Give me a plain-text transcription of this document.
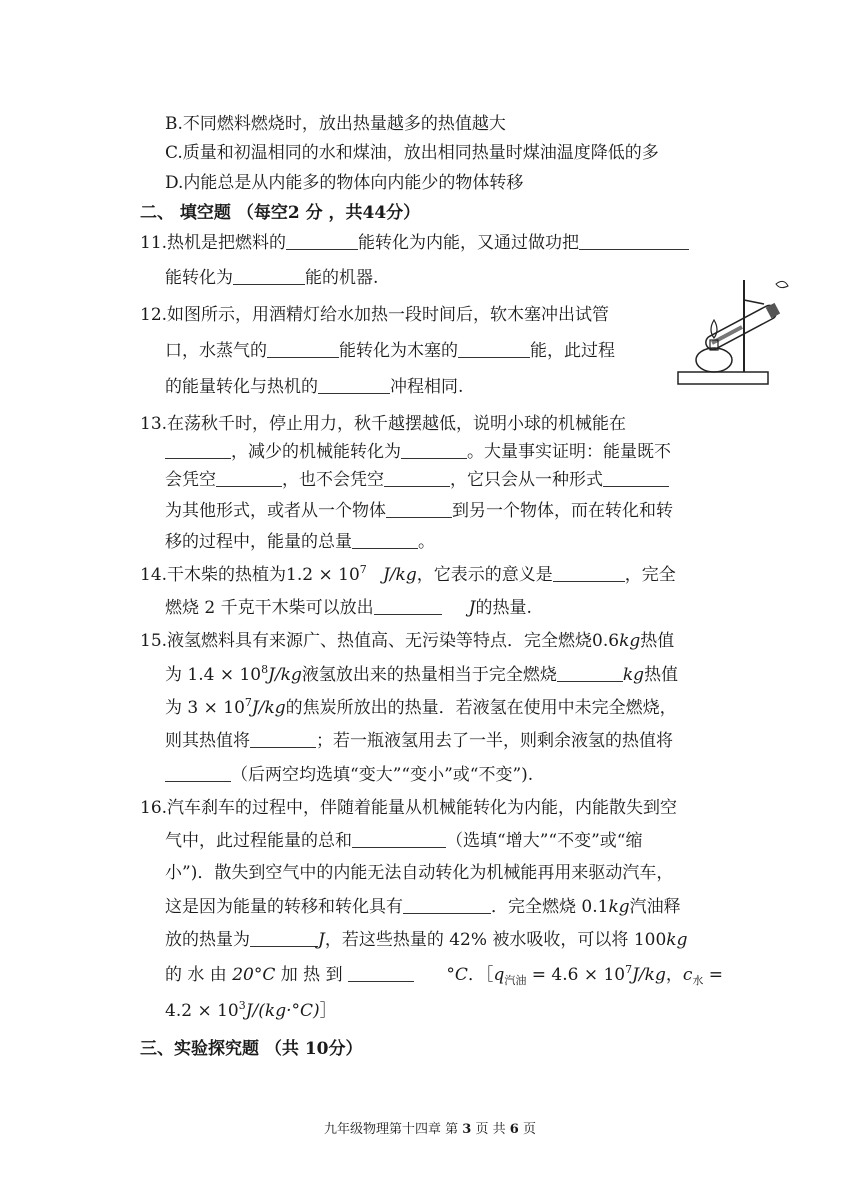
B.不同燃料燃烧时，放出热量越多的热值越大
C.质量和初温相同的水和煤油，放出相同热量时煤油温度降低的多
D.内能总是从内能多的物体向内能少的物体转移
二、 填空题 （每空2 分 ，共44分）
11.热机是把燃料的	能转化为内能，又通过做功把
能转化为	能的机器.
12.如图所示，用酒精灯给水加热一段时间后，软木塞冲出试管
口，水蒸气的	能转化为木塞的	能，此过程
的能量转化与热机的	冲程相同.
13.在荡秋千时，停止用力，秋千越摆越低，说明小球的机械能在
，减少的机械能转化为	。大量事实证明：能量既不
会凭空	，也不会凭空	，它只会从一种形式
为其他形式，或者从一个物体	到另一个物体，而在转化和转
移的过程中，能量的总量	。
14.干木柴的热植为$1.2 \times 10^7$ J/kg，它表示的意义是	，完全
燃烧 2 千克干木柴可以放出	J的热量.
15.液氢燃料具有来源广、热值高、无污染等特点．完全燃烧0.6kg热值
为 $1.4 \times 10^8J/kg$液氢放出来的热量相当于完全燃烧	kg热值
为 $3 \times 10^7J/kg$的焦炭所放出的热量．若液氢在使用中未完全燃烧，
则其热值将	；若一瓶液氢用去了一半，则剩余液氢的热值将
（后两空均选填“变大”“变小”或“不变”).
16.汽车刹车的过程中，伴随着能量从机械能转化为内能，内能散失到空
气中，此过程能量的总和	（选填“增大”“不变”或“缩
小”)．散失到空气中的内能无法自动转化为机械能再用来驱动汽车，
这是因为能量的转移和转化具有	．完全燃烧 0.1kg汽油释
放的热量为	J，若这些热量的 42% 被水吸收，可以将 100kg
的 水 由 20°C 加 热 到	°C．$[q_{汽油} = 4.6 \times 10^7J/kg$，$c_水$ =
$4.2 \times 10^3J/(kg\cdot^\circ C)]$
三、实验探究题 （共 10分）
九年级物理第十四章 第 3 页 共 6 页
